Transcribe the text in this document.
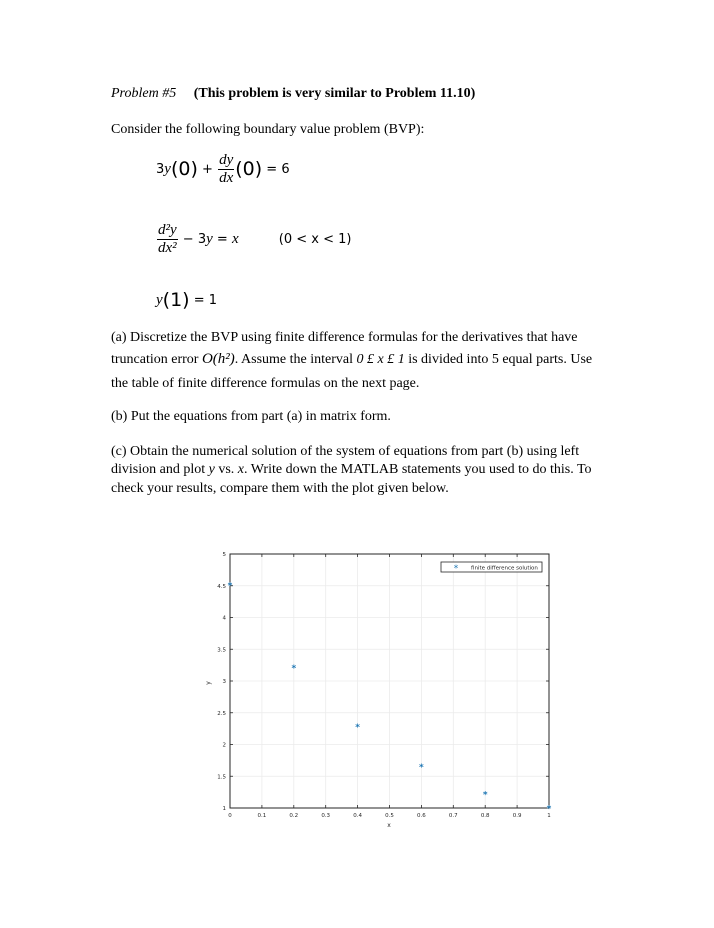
Problem #5 (This problem is very similar to Problem 11.10)
Consider the following boundary value problem (BVP):
$3y(0) + \frac{dy}{dx} (0) = 6$
$\frac{\text{d²y}}{\text{dx²}} - 3y = x$	(0 < x < 1)
y(1) = 1
(a) Discretize the BVP using finite difference formulas for the derivatives that have
truncation error O(h²). Assume the interval 0 £ x £ 1 is divided into 5 equal parts. Use
the table of finite difference formulas on the next page.
(b) Put the equations from part (a) in matrix form.
(c) Obtain the numerical solution of the system of equations from part (b) using left
division and plot y vs. x. Write down the MATLAB statements you used to do this. To
check your results, compare them with the plot given below.
0	0.1	0.2	0.3	0.4	0.5	0.6	0.7	0.8	0.9	1
1
1.5
2
2.5
3
3.5
4
4.5
5
*
*
*
*
*
*
x
y
* finite difference solution
